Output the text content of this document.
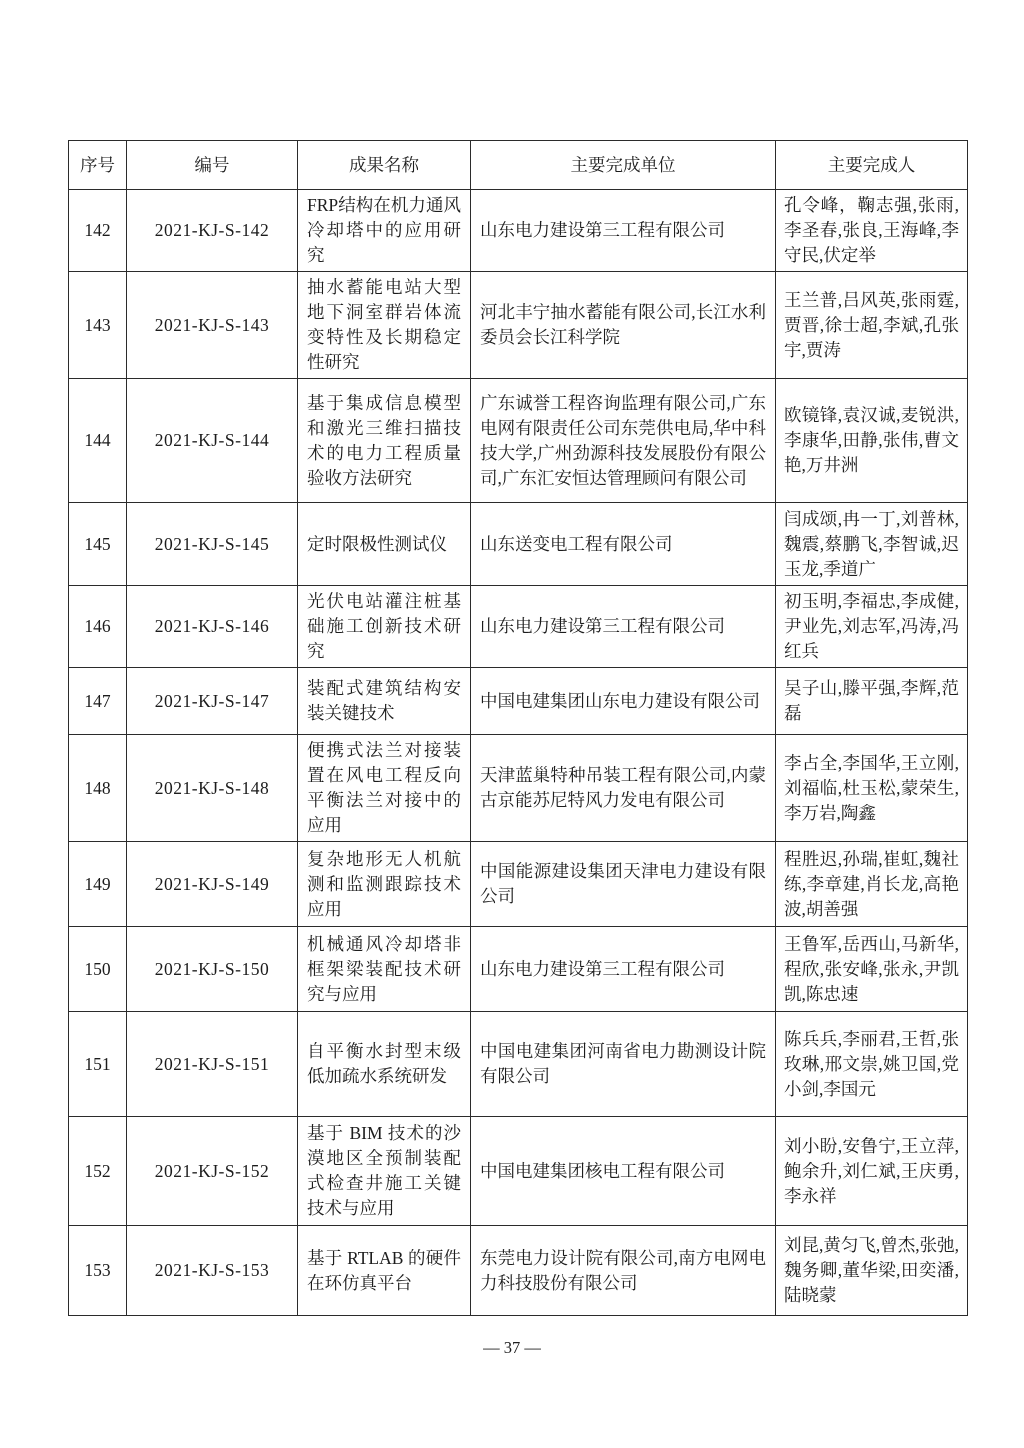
序号	编号	成果名称	主要完成单位	主要完成人
142	2021-KJ-S-142	FRP结构在机力通风冷却塔中的应用研究	山东电力建设第三工程有限公司	孔令峰，鞠志强,张雨,李圣春,张良,王海峰,李守民,伏定举
143	2021-KJ-S-143	抽水蓄能电站大型地下洞室群岩体流变特性及长期稳定性研究	河北丰宁抽水蓄能有限公司,长江水利委员会长江科学院	王兰普,吕风英,张雨霆,贾晋,徐士超,李斌,孔张宇,贾涛
144	2021-KJ-S-144	基于集成信息模型和激光三维扫描技术的电力工程质量验收方法研究	广东诚誉工程咨询监理有限公司,广东电网有限责任公司东莞供电局,华中科技大学,广州劲源科技发展股份有限公司,广东汇安恒达管理顾问有限公司	欧镜锋,袁汉诚,麦锐洪,李康华,田静,张伟,曹文艳,万井洲
145	2021-KJ-S-145	定时限极性测试仪	山东送变电工程有限公司	闫成颂,冉一丁,刘普林,魏震,蔡鹏飞,李智诚,迟玉龙,季道广
146	2021-KJ-S-146	光伏电站灌注桩基础施工创新技术研究	山东电力建设第三工程有限公司	初玉明,李福忠,李成健,尹业先,刘志军,冯涛,冯红兵
147	2021-KJ-S-147	装配式建筑结构安装关键技术	中国电建集团山东电力建设有限公司	吴子山,滕平强,李辉,范磊
148	2021-KJ-S-148	便携式法兰对接装置在风电工程反向平衡法兰对接中的应用	天津蓝巢特种吊装工程有限公司,内蒙古京能苏尼特风力发电有限公司	李占全,李国华,王立刚,刘福临,杜玉松,蒙荣生,李万岩,陶鑫
149	2021-KJ-S-149	复杂地形无人机航测和监测跟踪技术应用	中国能源建设集团天津电力建设有限公司	程胜迟,孙瑞,崔虹,魏社练,李章建,肖长龙,高艳波,胡善强
150	2021-KJ-S-150	机械通风冷却塔非框架梁装配技术研究与应用	山东电力建设第三工程有限公司	王鲁军,岳西山,马新华,程欣,张安峰,张永,尹凯凯,陈忠速
151	2021-KJ-S-151	自平衡水封型末级低加疏水系统研发	中国电建集团河南省电力勘测设计院有限公司	陈兵兵,李丽君,王哲,张玫琳,邢文崇,姚卫国,党小剑,李国元
152	2021-KJ-S-152	基于 BIM 技术的沙漠地区全预制装配式检查井施工关键技术与应用	中国电建集团核电工程有限公司	刘小盼,安鲁宁,王立萍,鲍余升,刘仁斌,王庆勇,李永祥
153	2021-KJ-S-153	基于 RTLAB 的硬件在环仿真平台	东莞电力设计院有限公司,南方电网电力科技股份有限公司	刘昆,黄匀飞,曾杰,张弛,魏务卿,董华梁,田奕潘,陆晓蒙
— 37 —
